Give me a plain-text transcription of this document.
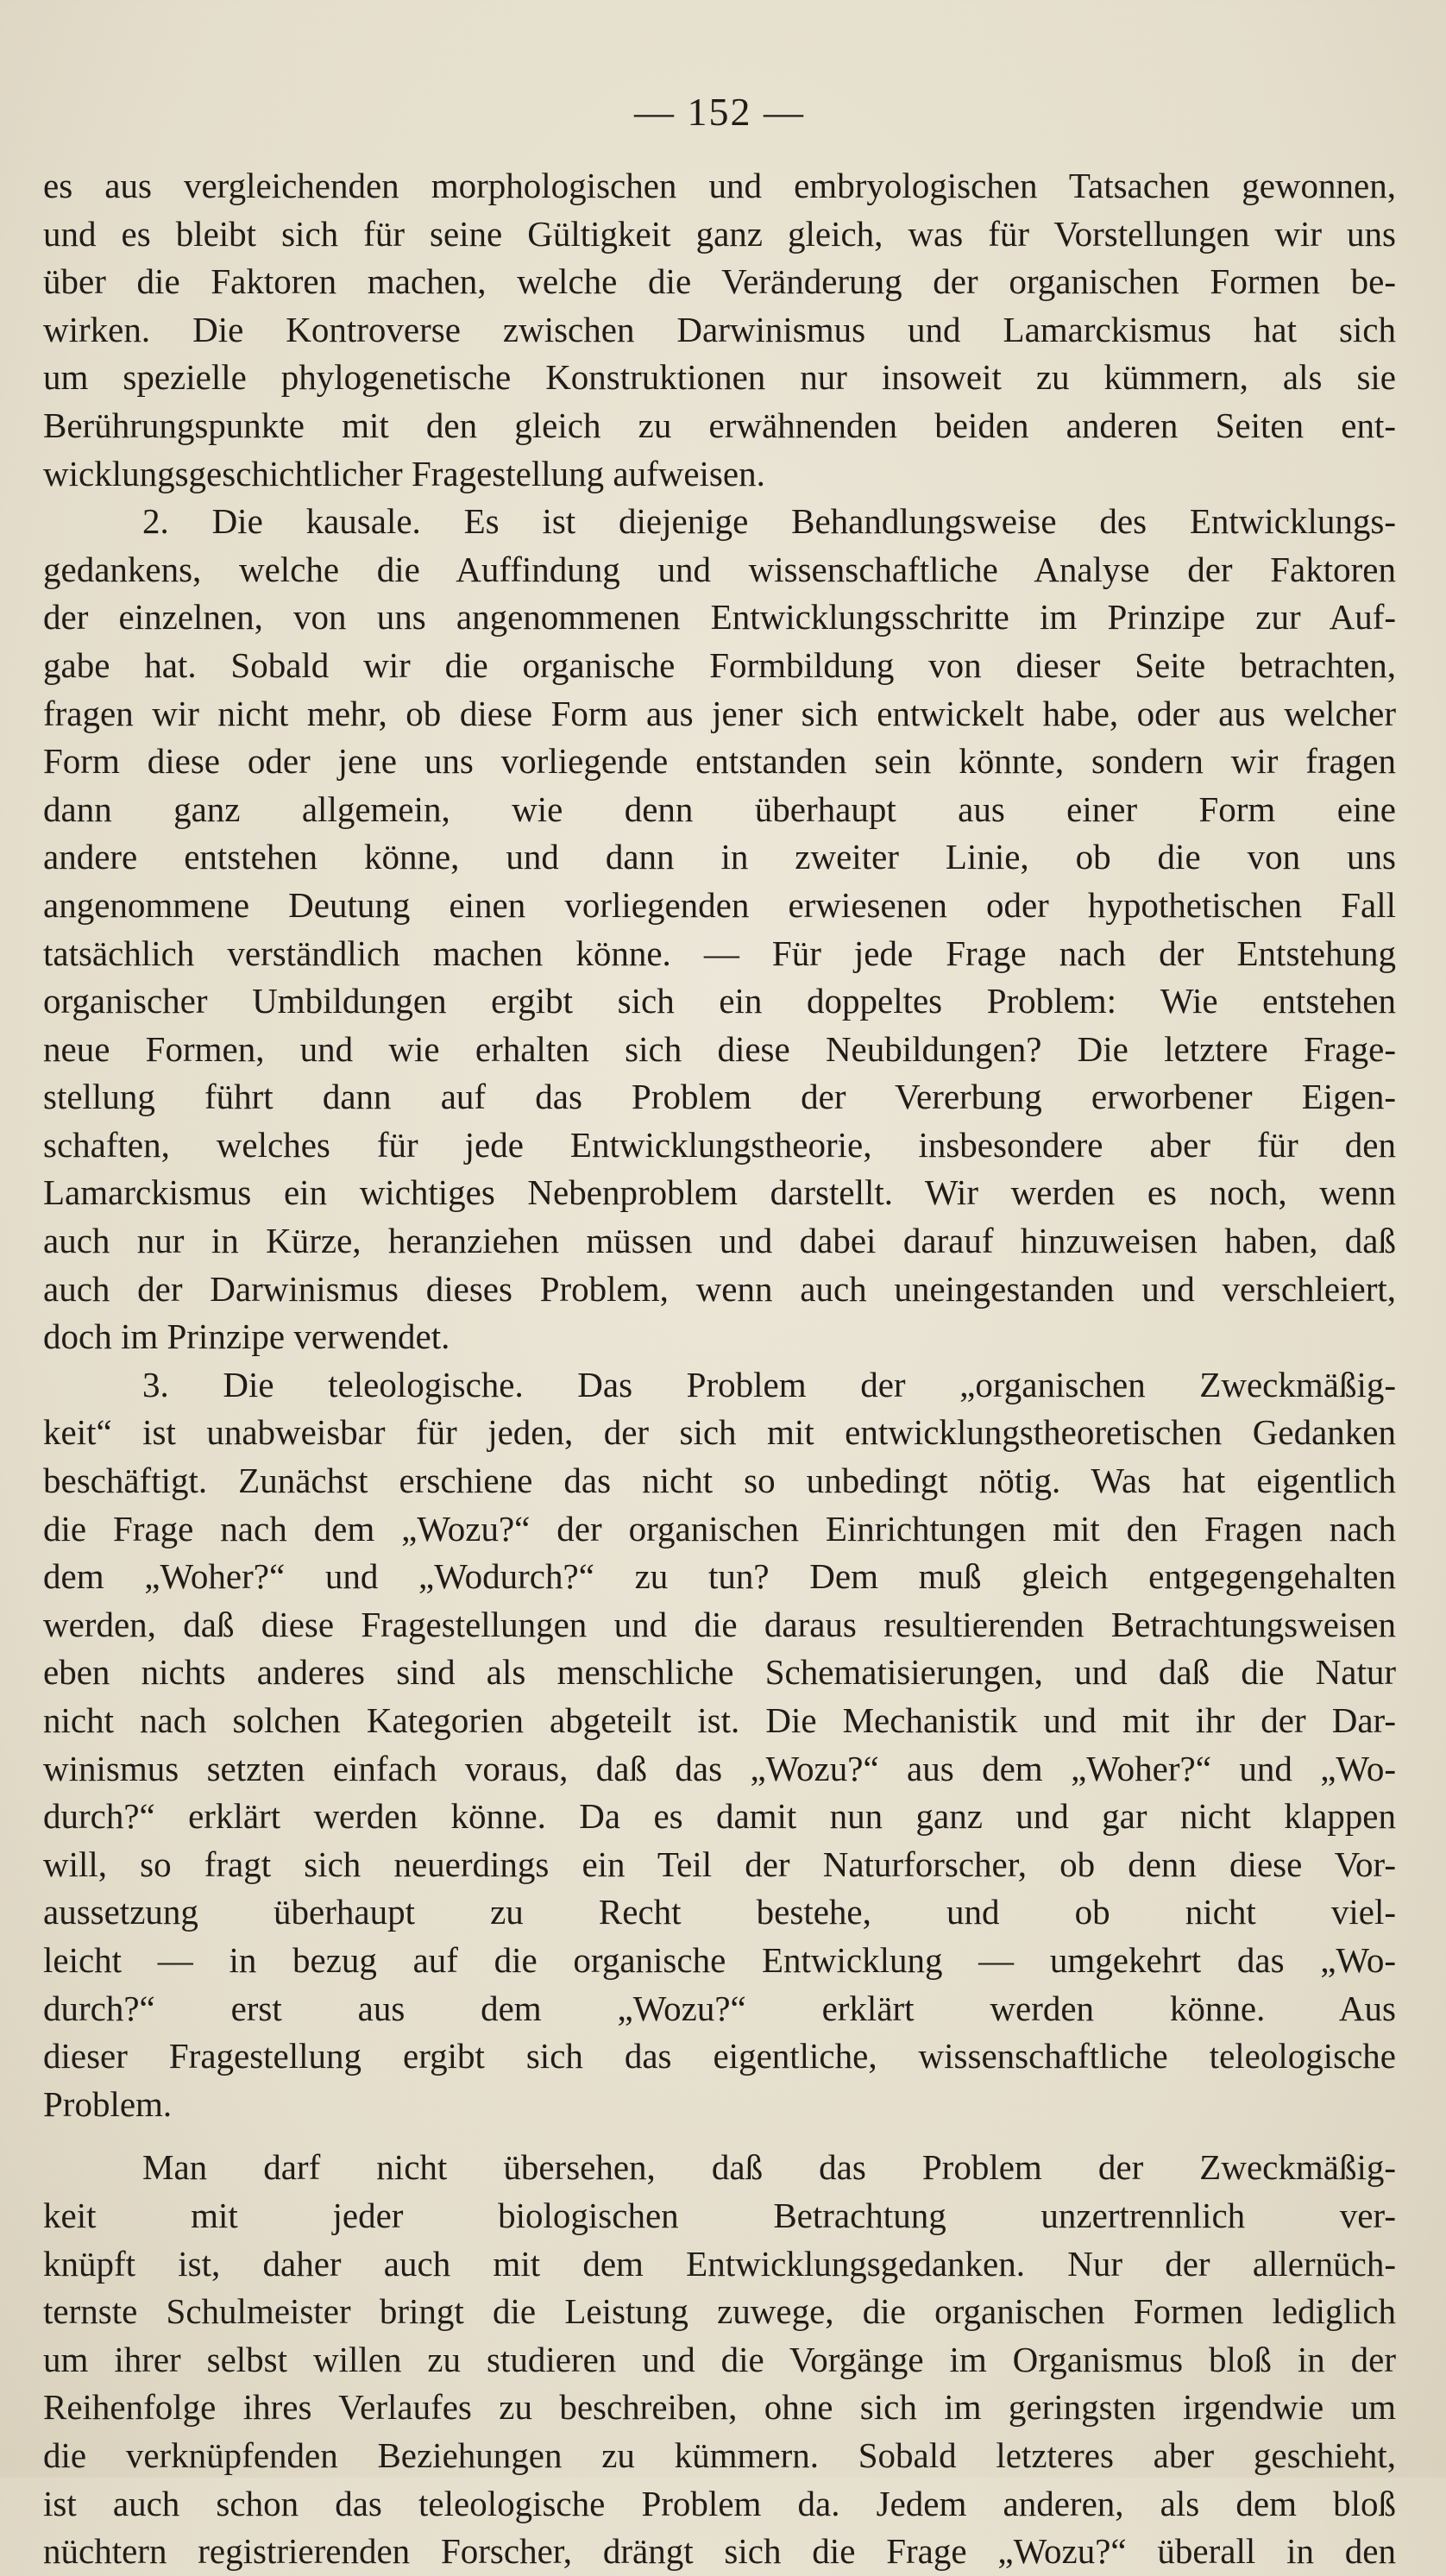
— 152 —

es aus vergleichenden morphologischen und embryologischen Tatsachen gewonnen,

und es bleibt sich für seine Gültigkeit ganz gleich, was für Vorstellungen wir uns

über die Faktoren machen, welche die Veränderung der organischen Formen be-

wirken. Die Kontroverse zwischen Darwinismus und Lamarckismus hat sich

um spezielle phylogenetische Konstruktionen nur insoweit zu kümmern, als sie

Berührungspunkte mit den gleich zu erwähnenden beiden anderen Seiten ent-

wicklungsgeschichtlicher Fragestellung aufweisen.

2. Die kausale. Es ist diejenige Behandlungsweise des Entwicklungs-

gedankens, welche die Auffindung und wissenschaftliche Analyse der Faktoren

der einzelnen, von uns angenommenen Entwicklungsschritte im Prinzipe zur Auf-

gabe hat. Sobald wir die organische Formbildung von dieser Seite betrachten,

fragen wir nicht mehr, ob diese Form aus jener sich entwickelt habe, oder aus welcher

Form diese oder jene uns vorliegende entstanden sein könnte, sondern wir fragen

dann ganz allgemein, wie denn überhaupt aus einer Form eine

andere entstehen könne, und dann in zweiter Linie, ob die von uns

angenommene Deutung einen vorliegenden erwiesenen oder hypothetischen Fall

tatsächlich verständlich machen könne. — Für jede Frage nach der Entstehung

organischer Umbildungen ergibt sich ein doppeltes Problem: Wie entstehen

neue Formen, und wie erhalten sich diese Neubildungen? Die letztere Frage-

stellung führt dann auf das Problem der Vererbung erworbener Eigen-

schaften, welches für jede Entwicklungstheorie, insbesondere aber für den

Lamarckismus ein wichtiges Nebenproblem darstellt. Wir werden es noch, wenn

auch nur in Kürze, heranziehen müssen und dabei darauf hinzuweisen haben, daß

auch der Darwinismus dieses Problem, wenn auch uneingestanden und verschleiert,

doch im Prinzipe verwendet.

3. Die teleologische. Das Problem der „organischen Zweckmäßig-

keit“ ist unabweisbar für jeden, der sich mit entwicklungstheoretischen Gedanken

beschäftigt. Zunächst erschiene das nicht so unbedingt nötig. Was hat eigentlich

die Frage nach dem „Wozu?“ der organischen Einrichtungen mit den Fragen nach

dem „Woher?“ und „Wodurch?“ zu tun? Dem muß gleich entgegengehalten

werden, daß diese Fragestellungen und die daraus resultierenden Betrachtungsweisen

eben nichts anderes sind als menschliche Schematisierungen, und daß die Natur

nicht nach solchen Kategorien abgeteilt ist. Die Mechanistik und mit ihr der Dar-

winismus setzten einfach voraus, daß das „Wozu?“ aus dem „Woher?“ und „Wo-

durch?“ erklärt werden könne. Da es damit nun ganz und gar nicht klappen

will, so fragt sich neuerdings ein Teil der Naturforscher, ob denn diese Vor-

aussetzung überhaupt zu Recht bestehe, und ob nicht viel-

leicht — in bezug auf die organische Entwicklung — umgekehrt das „Wo-

durch?“ erst aus dem „Wozu?“ erklärt werden könne. Aus

dieser Fragestellung ergibt sich das eigentliche, wissenschaftliche teleologische

Problem.

Man darf nicht übersehen, daß das Problem der Zweckmäßig-

keit mit jeder biologischen Betrachtung unzertrennlich ver-

knüpft ist, daher auch mit dem Entwicklungsgedanken. Nur der allernüch-

ternste Schulmeister bringt die Leistung zuwege, die organischen Formen lediglich

um ihrer selbst willen zu studieren und die Vorgänge im Organismus bloß in der

Reihenfolge ihres Verlaufes zu beschreiben, ohne sich im geringsten irgendwie um

die verknüpfenden Beziehungen zu kümmern. Sobald letzteres aber geschieht,

ist auch schon das teleologische Problem da. Jedem anderen, als dem bloß

nüchtern registrierenden Forscher, drängt sich die Frage „Wozu?“ überall in den
